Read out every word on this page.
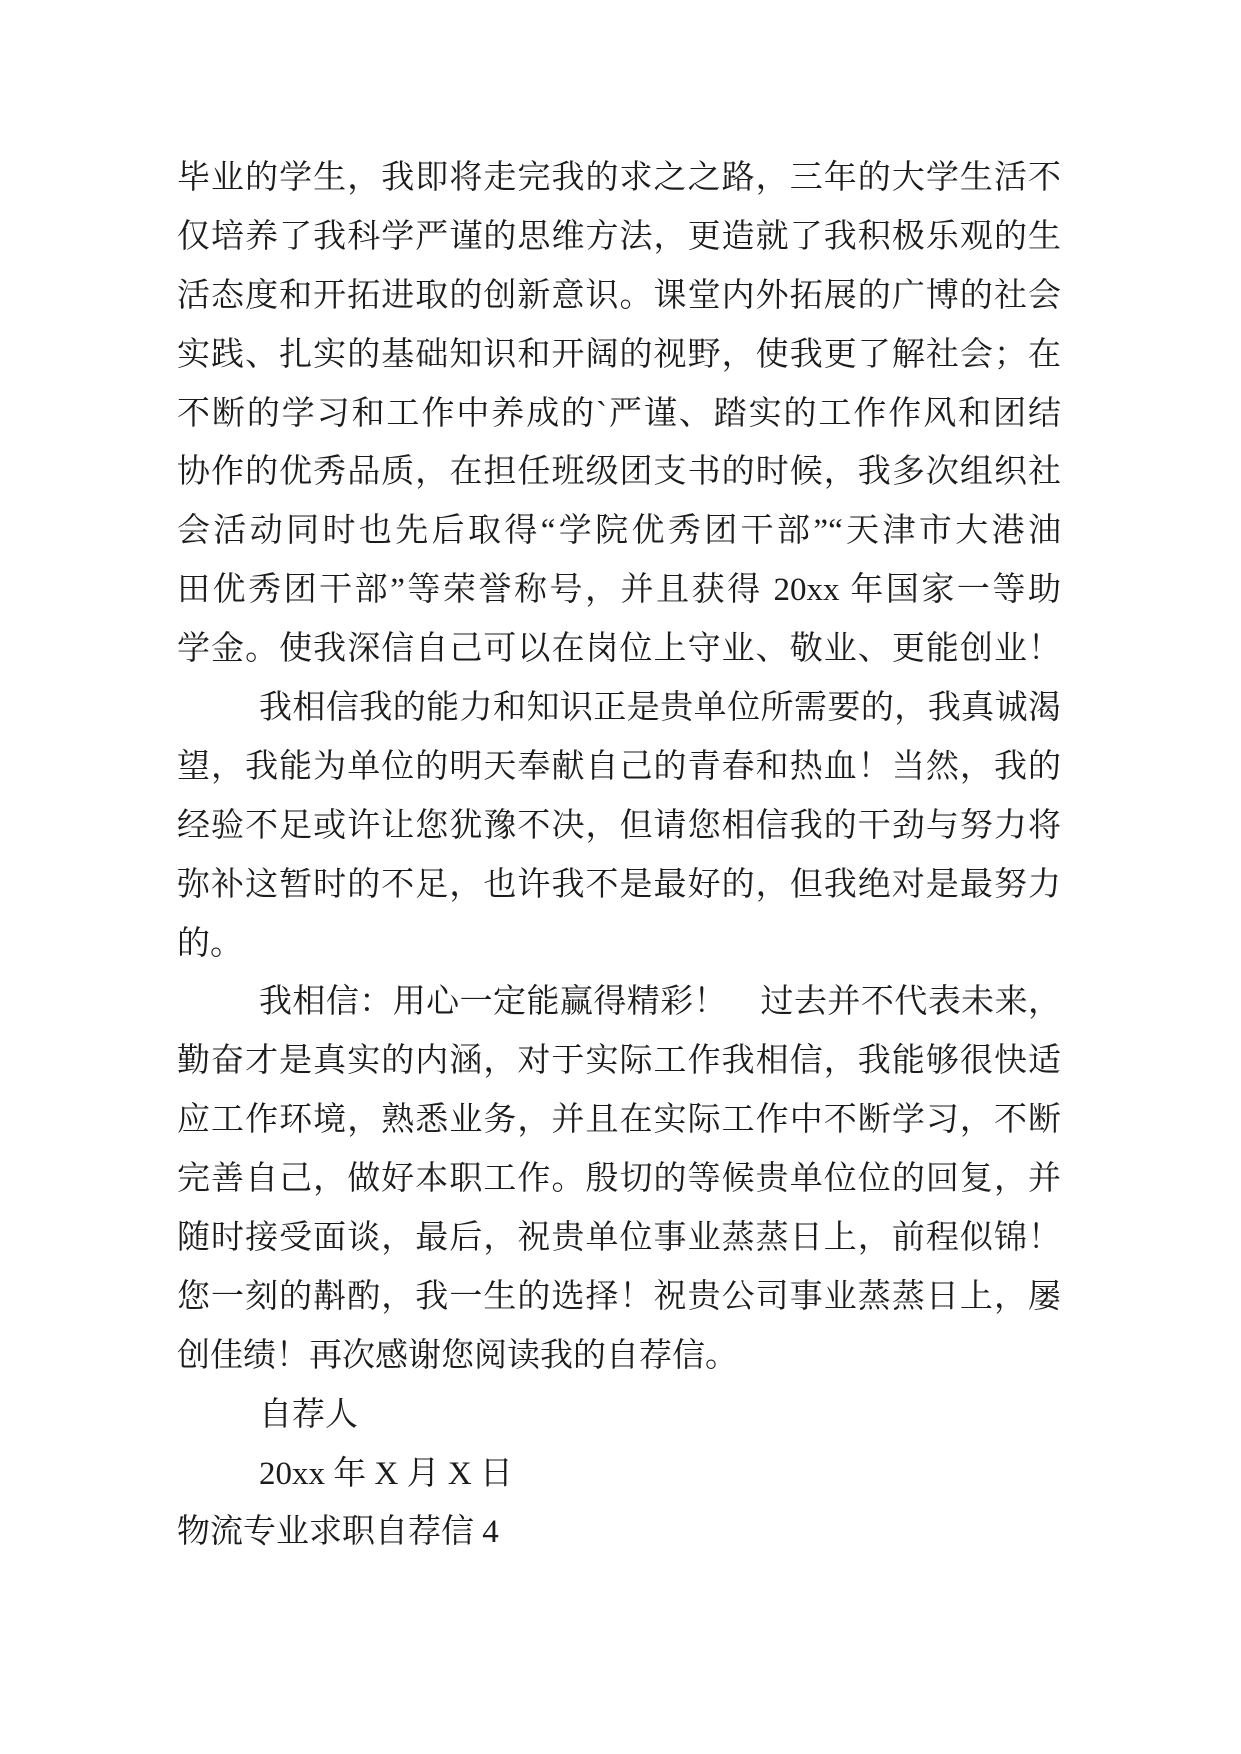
毕业的学生，我即将走完我的求之之路，三年的大学生活不
仅培养了我科学严谨的思维方法，更造就了我积极乐观的生
活态度和开拓进取的创新意识。课堂内外拓展的广博的社会
实践、扎实的基础知识和开阔的视野，使我更了解社会；在
不断的学习和工作中养成的`严谨、踏实的工作作风和团结
协作的优秀品质，在担任班级团支书的时候，我多次组织社
会活动同时也先后取得“学院优秀团干部”“天津市大港油
田优秀团干部”等荣誉称号，并且获得 20xx 年国家一等助
学金。使我深信自己可以在岗位上守业、敬业、更能创业！
我相信我的能力和知识正是贵单位所需要的，我真诚渴
望，我能为单位的明天奉献自己的青春和热血！当然，我的
经验不足或许让您犹豫不决，但请您相信我的干劲与努力将
弥补这暂时的不足，也许我不是最好的，但我绝对是最努力
的。
我相信：用心一定能赢得精彩！　过去并不代表未来，
勤奋才是真实的内涵，对于实际工作我相信，我能够很快适
应工作环境，熟悉业务，并且在实际工作中不断学习，不断
完善自己，做好本职工作。殷切的等候贵单位位的回复，并
随时接受面谈，最后，祝贵单位事业蒸蒸日上，前程似锦！
您一刻的斠酌，我一生的选择！祝贵公司事业蒸蒸日上，屡
创佳绩！再次感谢您阅读我的自荐信。
自荐人
20xx 年 X 月 X 日
物流专业求职自荐信 4
